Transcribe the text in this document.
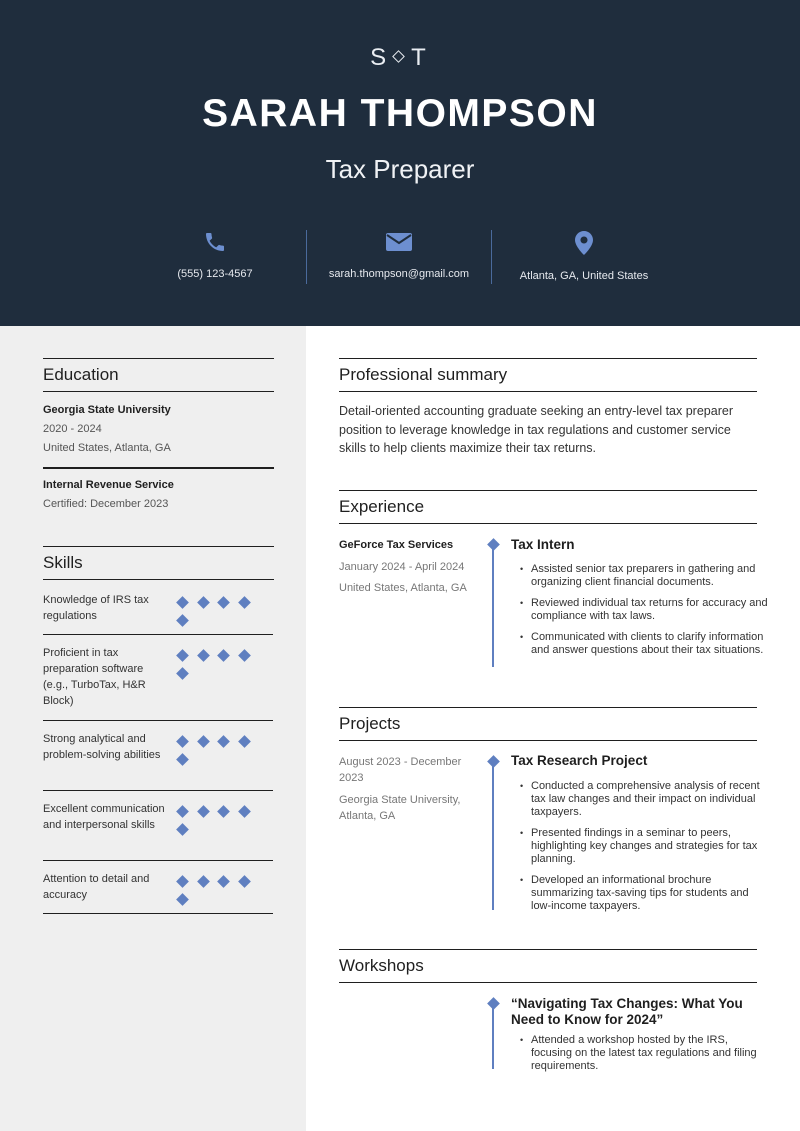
S T
SARAH THOMPSON
Tax Preparer
(555) 123-4567	sarah.thompson@gmail.com	Atlanta, GA, United States
Education
Georgia State University
2020 - 2024
United States, Atlanta, GA
Internal Revenue Service
Certified: December 2023
Skills
Knowledge of IRS tax regulations
Proficient in tax preparation software (e.g., TurboTax, H&R Block)
Strong analytical and problem-solving abilities
Excellent communication and interpersonal skills
Attention to detail and accuracy
Professional summary
Detail-oriented accounting graduate seeking an entry-level tax preparer position to leverage knowledge in tax regulations and customer service skills to help clients maximize their tax returns.
Experience
GeForce Tax Services
January 2024 - April 2024
United States, Atlanta, GA
Tax Intern
• Assisted senior tax preparers in gathering and organizing client financial documents.
• Reviewed individual tax returns for accuracy and compliance with tax laws.
• Communicated with clients to clarify information and answer questions about their tax situations.
Projects
August 2023 - December 2023
Georgia State University, Atlanta, GA
Tax Research Project
• Conducted a comprehensive analysis of recent tax law changes and their impact on individual taxpayers.
• Presented findings in a seminar to peers, highlighting key changes and strategies for tax planning.
• Developed an informational brochure summarizing tax-saving tips for students and low-income taxpayers.
Workshops
“Navigating Tax Changes: What You Need to Know for 2024”
• Attended a workshop hosted by the IRS, focusing on the latest tax regulations and filing requirements.
